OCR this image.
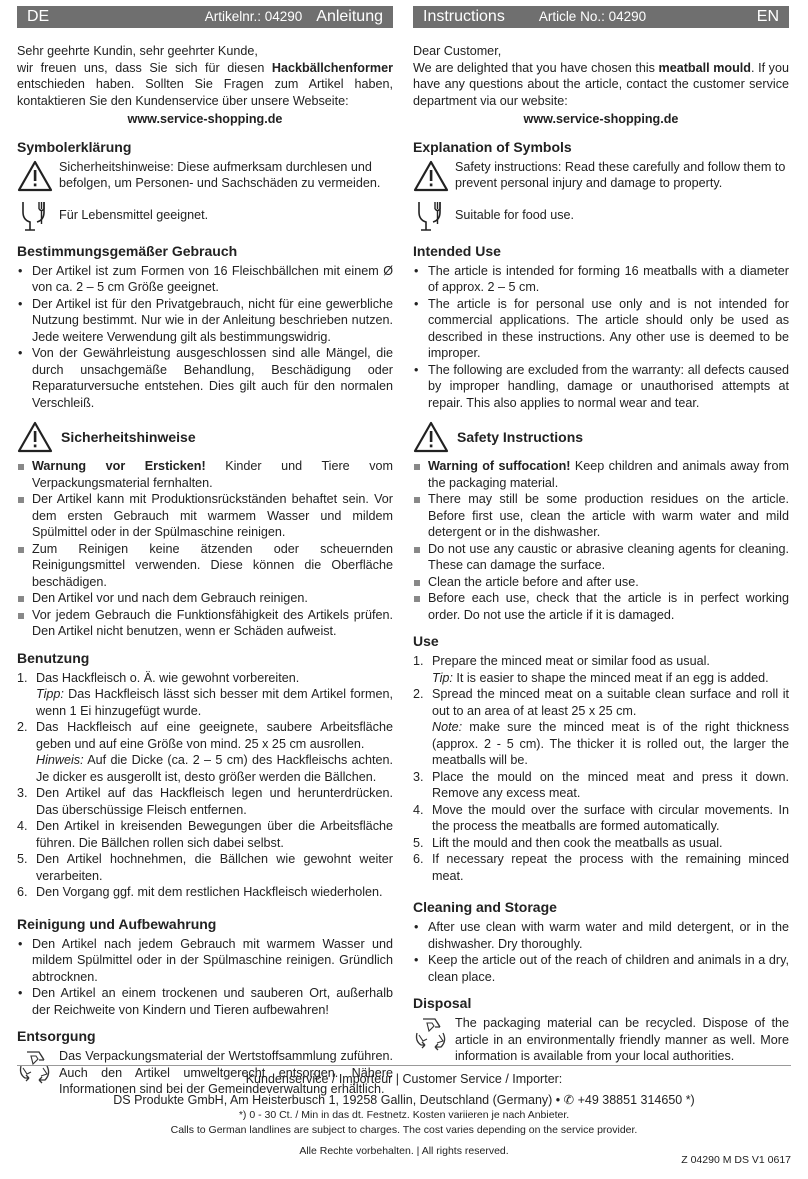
DE	Artikelnr.: 04290 Anleitung

Sehr geehrte Kundin, sehr geehrter Kunde,

wir freuen uns, dass Sie sich für diesen Hackbällchenformer entschieden haben. Sollten Sie Fragen zum Artikel haben, kontaktieren Sie den Kundenservice über unsere Webseite:

www.service-shopping.de

Symbolerklärung

Sicherheitshinweise: Diese aufmerksam durchlesen und befolgen, um Personen- und Sachschäden zu vermeiden.

Für Lebensmittel geeignet.

Bestimmungsgemäßer Gebrauch
• Der Artikel ist zum Formen von 16 Fleischbällchen mit einem Ø von ca. 2 – 5 cm Größe geeignet.
• Der Artikel ist für den Privatgebrauch, nicht für eine gewerbliche Nutzung bestimmt. Nur wie in der Anleitung beschrieben nutzen. Jede weitere Verwendung gilt als bestimmungswidrig.
• Von der Gewährleistung ausgeschlossen sind alle Mängel, die durch unsachgemäße Behandlung, Beschädigung oder Reparaturversuche entstehen. Dies gilt auch für den normalen Verschleiß.
Sicherheitshinweise
Warnung vor Ersticken! Kinder und Tiere vom Verpackungsmaterial fernhalten.
Der Artikel kann mit Produktionsrückständen behaftet sein. Vor dem ersten Gebrauch mit warmem Wasser und mildem Spülmittel oder in der Spülmaschine reinigen.
Zum Reinigen keine ätzenden oder scheuernden Reinigungsmittel verwenden. Diese können die Oberfläche beschädigen.
Den Artikel vor und nach dem Gebrauch reinigen.
Vor jedem Gebrauch die Funktionsfähigkeit des Artikels prüfen. Den Artikel nicht benutzen, wenn er Schäden aufweist.
Benutzung
1. Das Hackfleisch o. Ä. wie gewohnt vorbereiten.
Tipp: Das Hackfleisch lässt sich besser mit dem Artikel formen, wenn 1 Ei hinzugefügt wurde.
2. Das Hackfleisch auf eine geeignete, saubere Arbeitsfläche geben und auf eine Größe von mind. 25 x 25 cm ausrollen.
Hinweis: Auf die Dicke (ca. 2 – 5 cm) des Hackfleischs achten. Je dicker es ausgerollt ist, desto größer werden die Bällchen.
3. Den Artikel auf das Hackfleisch legen und herunterdrücken. Das überschüssige Fleisch entfernen.
4. Den Artikel in kreisenden Bewegungen über die Arbeitsfläche führen. Die Bällchen rollen sich dabei selbst.
5. Den Artikel hochnehmen, die Bällchen wie gewohnt weiter verarbeiten.
6. Den Vorgang ggf. mit dem restlichen Hackfleisch wiederholen.
Reinigung und Aufbewahrung
• Den Artikel nach jedem Gebrauch mit warmem Wasser und mildem Spülmittel oder in der Spülmaschine reinigen. Gründlich abtrocknen.
• Den Artikel an einem trockenen und sauberen Ort, außerhalb der Reichweite von Kindern und Tieren aufbewahren!
Entsorgung

Das Verpackungsmaterial der Wertstoffsammlung zuführen. Auch den Artikel umweltgerecht entsorgen. Nähere Informationen sind bei der Gemeindeverwaltung erhältlich.

Instructions	Article No.: 04290	EN

Dear Customer,

We are delighted that you have chosen this meatball mould. If you have any questions about the article, contact the customer service department via our website:

www.service-shopping.de

Explanation of Symbols

Safety instructions: Read these carefully and follow them to prevent personal injury and damage to property.

Suitable for food use.

Intended Use
• The article is intended for forming 16 meatballs with a diameter of approx. 2 – 5 cm.
• The article is for personal use only and is not intended for commercial applications. The article should only be used as described in these instructions. Any other use is deemed to be improper.
• The following are excluded from the warranty: all defects caused by improper handling, damage or unauthorised attempts at repair. This also applies to normal wear and tear.
Safety Instructions
Warning of suffocation! Keep children and animals away from the packaging material.
There may still be some production residues on the article. Before first use, clean the article with warm water and mild detergent or in the dishwasher.
Do not use any caustic or abrasive cleaning agents for cleaning. These can damage the surface.
Clean the article before and after use.
Before each use, check that the article is in perfect working order. Do not use the article if it is damaged.
Use
1. Prepare the minced meat or similar food as usual.
Tip: It is easier to shape the minced meat if an egg is added.
2. Spread the minced meat on a suitable clean surface and roll it out to an area of at least 25 x 25 cm.
Note: make sure the minced meat is of the right thickness (approx. 2 - 5 cm). The thicker it is rolled out, the larger the meatballs will be.
3. Place the mould on the minced meat and press it down. Remove any excess meat.
4. Move the mould over the surface with circular movements. In the process the meatballs are formed automatically.
5. Lift the mould and then cook the meatballs as usual.
6. If necessary repeat the process with the remaining minced meat.
Cleaning and Storage
• After use clean with warm water and mild detergent, or in the dishwasher. Dry thoroughly.
• Keep the article out of the reach of children and animals in a dry, clean place.
Disposal

The packaging material can be recycled. Dispose of the article in an environmentally friendly manner as well. More information is available from your local authorities.

Kundenservice / Importeur | Customer Service / Importer:

DS Produkte GmbH, Am Heisterbusch 1, 19258 Gallin, Deutschland (Germany) • ✆ +49 38851 314650 *)

*) 0 - 30 Ct. / Min in das dt. Festnetz. Kosten variieren je nach Anbieter.

Calls to German landlines are subject to charges. The cost varies depending on the service provider.

Alle Rechte vorbehalten. | All rights reserved.

Z 04290 M DS V1 0617
